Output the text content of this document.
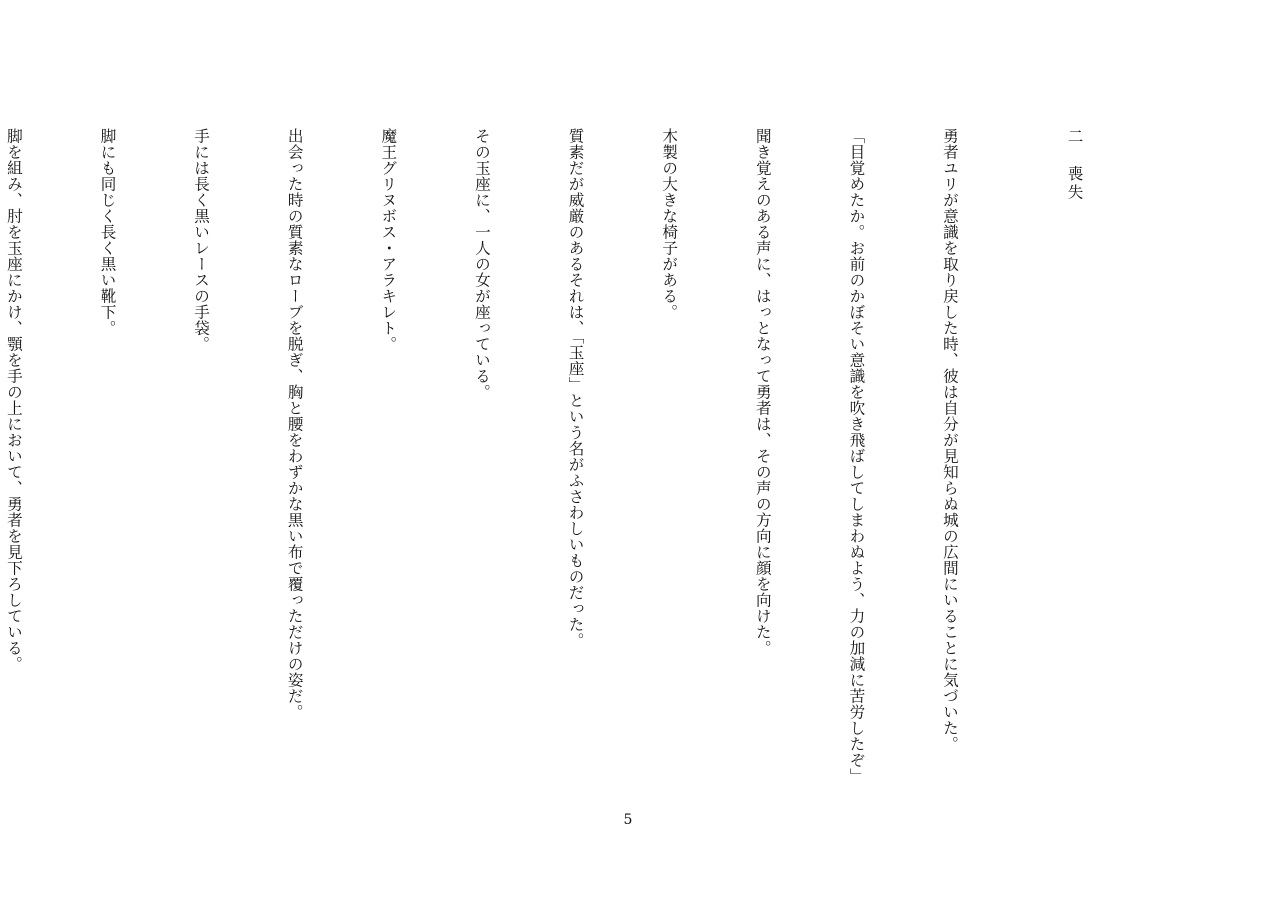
二　喪失

勇者ユリが意識を取り戻した時、彼は自分が見知らぬ城の広間にいることに気づいた。

「目覚めたか。お前のかぼそい意識を吹き飛ばしてしまわぬよう、力の加減に苦労したぞ」

聞き覚えのある声に、はっとなって勇者は、その声の方向に顔を向けた。

木製の大きな椅子がある。

質素だが威厳のあるそれは、「玉座」という名がふさわしいものだった。

その玉座に、一人の女が座っている。

魔王グリヌボス・アラキレト。

出会った時の質素なローブを脱ぎ、胸と腰をわずかな黒い布で覆っただけの姿だ。

手には長く黒いレースの手袋。

脚にも同じく長く黒い靴下。

脚を組み、肘を玉座にかけ、顎を手の上において、勇者を見下ろしている。

5
